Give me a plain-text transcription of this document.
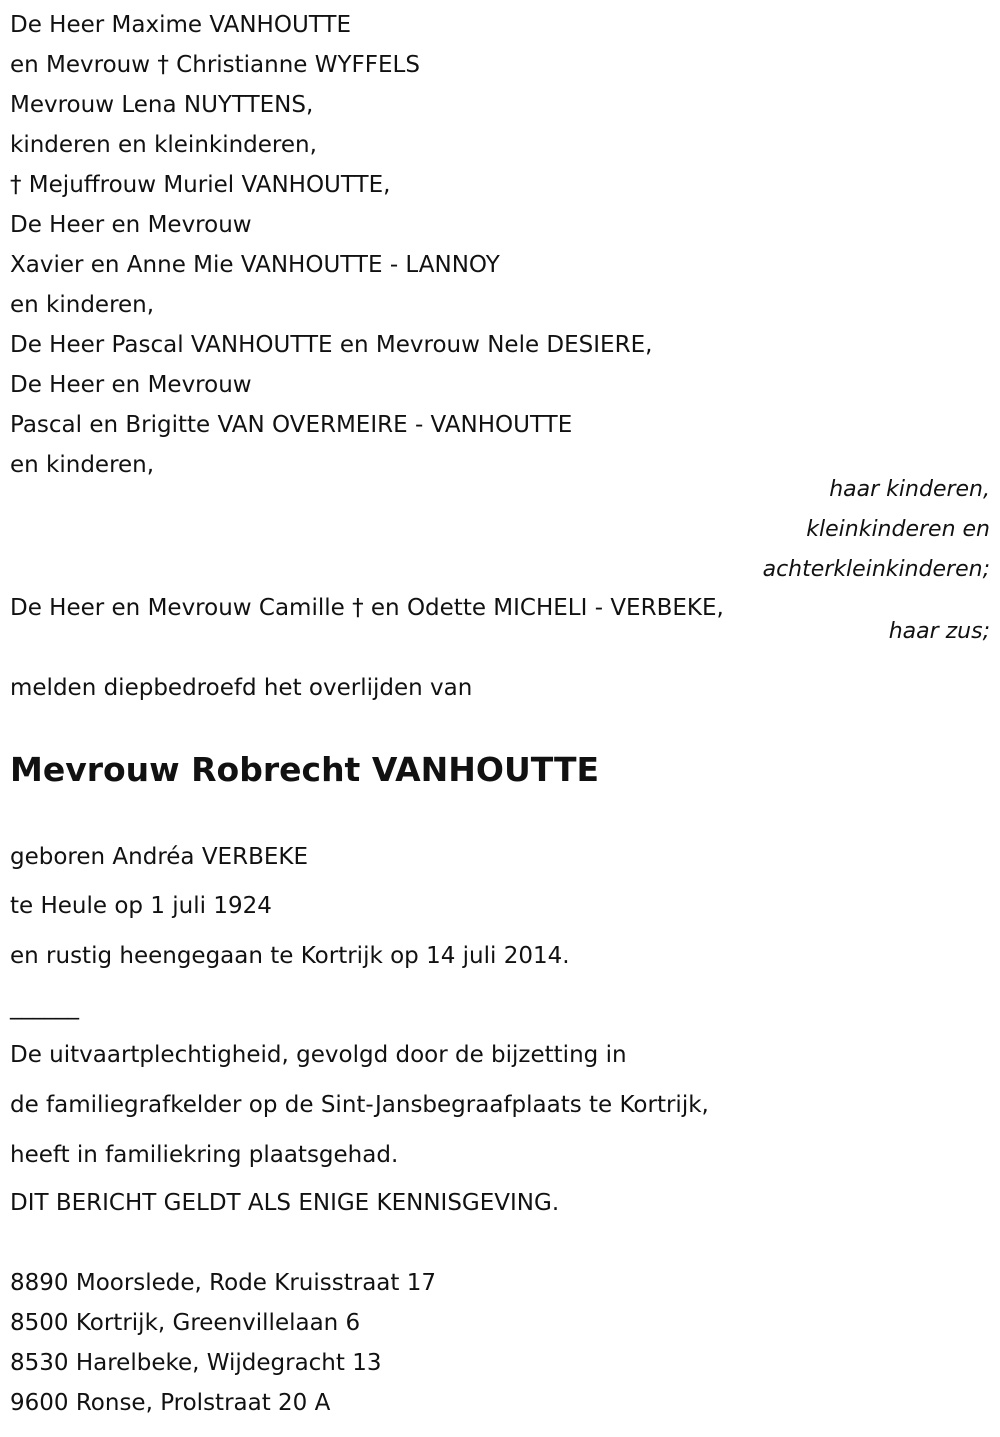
De Heer Maxime VANHOUTTE
en Mevrouw † Christianne WYFFELS
Mevrouw Lena NUYTTENS,
kinderen en kleinkinderen,
† Mejuffrouw Muriel VANHOUTTE,
De Heer en Mevrouw
Xavier en Anne Mie VANHOUTTE - LANNOY
en kinderen,
De Heer Pascal VANHOUTTE en Mevrouw Nele DESIERE,
De Heer en Mevrouw
Pascal en Brigitte VAN OVERMEIRE - VANHOUTTE
en kinderen,
haar kinderen,
kleinkinderen en
achterkleinkinderen;
De Heer en Mevrouw Camille † en Odette MICHELI - VERBEKE,
haar zus;
melden diepbedroefd het overlijden van
Mevrouw Robrecht VANHOUTTE
geboren Andréa VERBEKE
te Heule op 1 juli 1924
en rustig heengegaan te Kortrijk op 14 juli 2014.
______
De uitvaartplechtigheid, gevolgd door de bijzetting in
de familiegrafkelder op de Sint-Jansbegraafplaats te Kortrijk,
heeft in familiekring plaatsgehad.
DIT BERICHT GELDT ALS ENIGE KENNISGEVING.
8890 Moorslede, Rode Kruisstraat 17
8500 Kortrijk, Greenvillelaan 6
8530 Harelbeke, Wijdegracht 13
9600 Ronse, Prolstraat 20 A
